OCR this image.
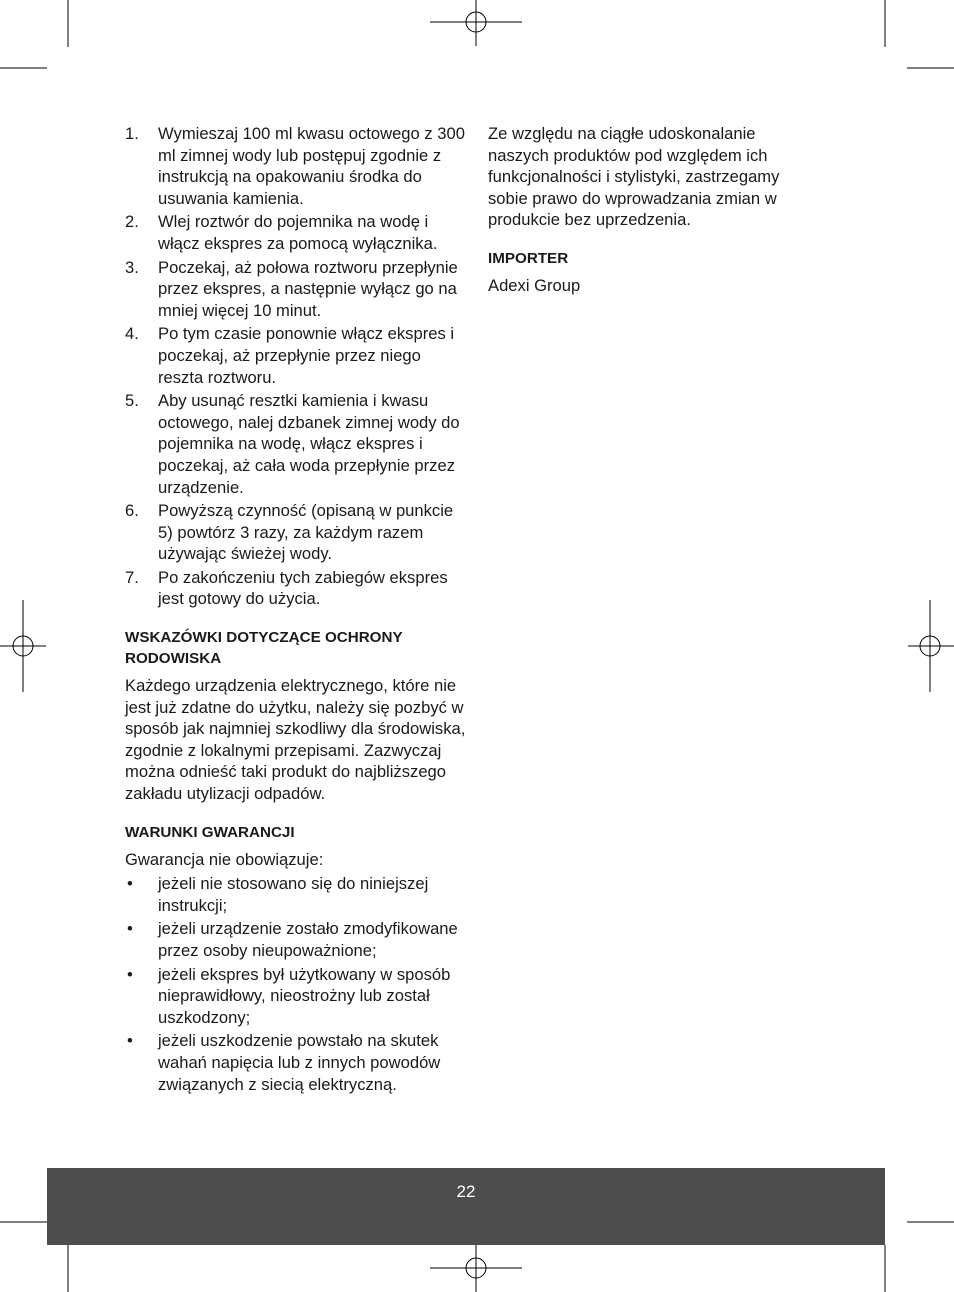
1. Wymieszaj 100 ml kwasu octowego z 300 ml zimnej wody lub postępuj zgodnie z instrukcją na opakowaniu środka do usuwania kamienia.
2. Wlej roztwór do pojemnika na wodę i włącz ekspres za pomocą wyłącznika.
3. Poczekaj, aż połowa roztworu przepłynie przez ekspres, a następnie wyłącz go na mniej więcej 10 minut.
4. Po tym czasie ponownie włącz ekspres i poczekaj, aż przepłynie przez niego reszta roztworu.
5. Aby usunąć resztki kamienia i kwasu octowego, nalej dzbanek zimnej wody do pojemnika na wodę, włącz ekspres i poczekaj, aż cała woda przepłynie przez urządzenie.
6. Powyższą czynność (opisaną w punkcie 5) powtórz 3 razy, za każdym razem używając świeżej wody.
7. Po zakończeniu tych zabiegów ekspres jest gotowy do użycia.
WSKAZÓWKI DOTYCZĄCE OCHRONY RODOWISKA

Każdego urządzenia elektrycznego, które nie jest już zdatne do użytku, należy się pozbyć w sposób jak najmniej szkodliwy dla środowiska, zgodnie z lokalnymi przepisami. Zazwyczaj można odnieść taki produkt do najbliższego zakładu utylizacji odpadów.

WARUNKI GWARANCJI

Gwarancja nie obowiązuje:

• jeżeli nie stosowano się do niniejszej instrukcji;
• jeżeli urządzenie zostało zmodyfikowane przez osoby nieupoważnione;
• jeżeli ekspres był użytkowany w sposób nieprawidłowy, nieostrożny lub został uszkodzony;
• jeżeli uszkodzenie powstało na skutek wahań napięcia lub z innych powodów związanych z siecią elektryczną.

Ze względu na ciągłe udoskonalanie naszych produktów pod względem ich funkcjonalności i stylistyki, zastrzegamy sobie prawo do wprowadzania zmian w produkcie bez uprzedzenia.

IMPORTER

Adexi Group

22
